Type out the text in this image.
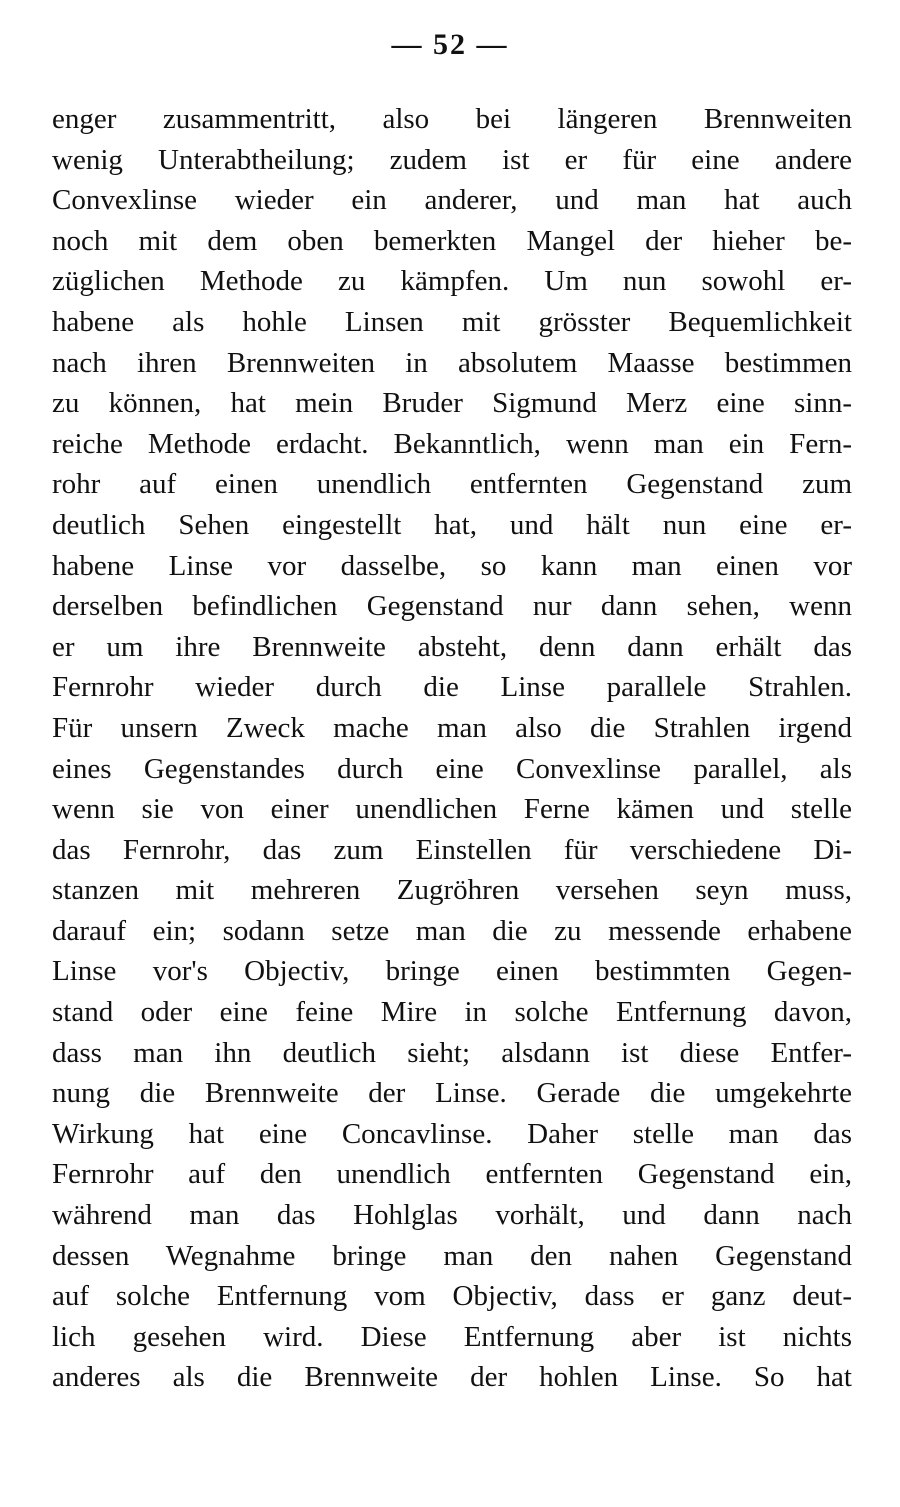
— 52 —
enger zusammentritt, also bei längeren Brennweiten
wenig Unterabtheilung; zudem ist er für eine andere
Convexlinse wieder ein anderer, und man hat auch
noch mit dem oben bemerkten Mangel der hieher be-
züglichen Methode zu kämpfen. Um nun sowohl er-
habene als hohle Linsen mit grösster Bequemlichkeit
nach ihren Brennweiten in absolutem Maasse bestimmen
zu können, hat mein Bruder Sigmund Merz eine sinn-
reiche Methode erdacht. Bekanntlich, wenn man ein Fern-
rohr auf einen unendlich entfernten Gegenstand zum
deutlich Sehen eingestellt hat, und hält nun eine er-
habene Linse vor dasselbe, so kann man einen vor
derselben befindlichen Gegenstand nur dann sehen, wenn
er um ihre Brennweite absteht, denn dann erhält das
Fernrohr wieder durch die Linse parallele Strahlen.
Für unsern Zweck mache man also die Strahlen irgend
eines Gegenstandes durch eine Convexlinse parallel, als
wenn sie von einer unendlichen Ferne kämen und stelle
das Fernrohr, das zum Einstellen für verschiedene Di-
stanzen mit mehreren Zugröhren versehen seyn muss,
darauf ein; sodann setze man die zu messende erhabene
Linse vor's Objectiv, bringe einen bestimmten Gegen-
stand oder eine feine Mire in solche Entfernung davon,
dass man ihn deutlich sieht; alsdann ist diese Entfer-
nung die Brennweite der Linse. Gerade die umgekehrte
Wirkung hat eine Concavlinse. Daher stelle man das
Fernrohr auf den unendlich entfernten Gegenstand ein,
während man das Hohlglas vorhält, und dann nach
dessen Wegnahme bringe man den nahen Gegenstand
auf solche Entfernung vom Objectiv, dass er ganz deut-
lich gesehen wird. Diese Entfernung aber ist nichts
anderes als die Brennweite der hohlen Linse. So hat
